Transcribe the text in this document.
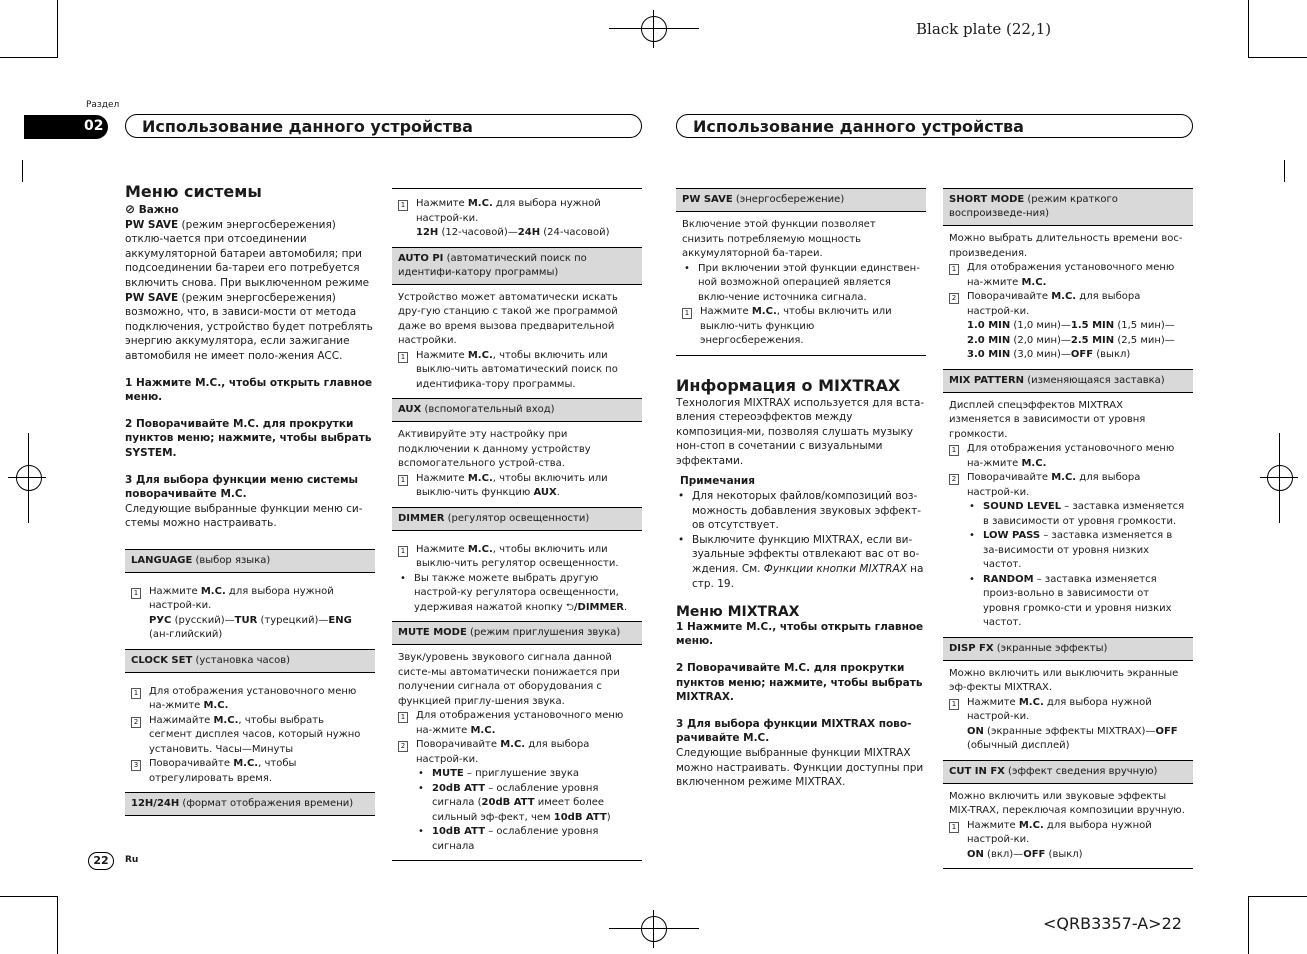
Black plate (22,1)
Раздел
02	Использование данного устройства	Использование данного устройства

Меню системы

⊘ Важно

PW SAVE (режим энергосбережения) отклю-чается при отсоединении аккумуляторной батареи автомобиля; при подсоединении ба-тареи его потребуется включить снова. При выключенном режиме PW SAVE (режим энергосбережения) возможно, что, в зависи-мости от метода подключения, устройство будет потреблять энергию аккумулятора, если зажигание автомобиля не имеет поло-жения ACC.

1 Нажмите M.C., чтобы открыть главное меню.

2 Поворачивайте M.C. для прокрутки пунктов меню; нажмите, чтобы выбрать SYSTEM.

3 Для выбора функции меню системы поворачивайте M.C.

Следующие выбранные функции меню си-стемы можно настраивать.

LANGUAGE (выбор языка)
1 Нажмите M.C. для выбора нужной настрой-ки.
РУС (русский)—TUR (турецкий)—ENG (ан-глийский)
CLOCK SET (установка часов)
1 Для отображения установочного меню на-жмите M.C.
2 Нажимайте M.C., чтобы выбрать сегмент дисплея часов, который нужно установить. Часы—Минуты
3 Поворачивайте M.C., чтобы отрегулировать время.
12H/24H (формат отображения времени)
1 Нажмите M.C. для выбора нужной настрой-ки.
12H (12-часовой)—24H (24-часовой)
AUTO PI (автоматический поиск по идентифи-катору программы)
Устройство может автоматически искать дру-гую станцию с такой же программой даже во время вызова предварительной настройки.
1 Нажмите M.C., чтобы включить или выклю-чить автоматический поиск по идентифика-тору программы.
AUX (вспомогательный вход)
Активируйте эту настройку при подключении к данному устройству вспомогательного устрой-ства.
1 Нажмите M.C., чтобы включить или выклю-чить функцию AUX.
DIMMER (регулятор освещенности)
1 Нажмите M.C., чтобы включить или выклю-чить регулятор освещенности.
• Вы также можете выбрать другую настрой-ку регулятора освещенности, удерживая нажатой кнопку ⮌/DIMMER.
MUTE MODE (режим приглушения звука)
Звук/уровень звукового сигнала данной систе-мы автоматически понижается при получении сигнала от оборудования с функцией приглу-шения звука.
1 Для отображения установочного меню на-жмите M.C.
2 Поворачивайте M.C. для выбора настрой-ки.
• MUTE – приглушение звука
• 20dB ATT – ослабление уровня сигнала (20dB ATT имеет более сильный эф-фект, чем 10dB ATT)
• 10dB ATT – ослабление уровня сигнала
PW SAVE (энергосбережение)
Включение этой функции позволяет снизить потребляемую мощность аккумуляторной ба-тареи.
• При включении этой функции единствен-ной возможной операцией является вклю-чение источника сигнала.
1 Нажмите M.C., чтобы включить или выклю-чить функцию энергосбережения.

Информация о MIXTRAX

Технология MIXTRAX используется для вста-вления стереоэффектов между композиция-ми, позволяя слушать музыку нон-стоп в сочетании с визуальными эффектами.

Примечания

• Для некоторых файлов/композиций воз-можность добавления звуковых эффект-ов отсутствует.
• Выключите функцию MIXTRAX, если ви-зуальные эффекты отвлекают вас от во-ждения. См. Функции кнопки MIXTRAX на стр. 19.

Меню MIXTRAX

1 Нажмите M.C., чтобы открыть главное меню.

2 Поворачивайте M.C. для прокрутки пунктов меню; нажмите, чтобы выбрать MIXTRAX.

3 Для выбора функции MIXTRAX пово-рачивайте M.C.

Следующие выбранные функции MIXTRAX можно настраивать. Функции доступны при включенном режиме MIXTRAX.

SHORT MODE (режим краткого воспроизведе-ния)
Можно выбрать длительность времени вос-произведения.
1 Для отображения установочного меню на-жмите M.C.
2 Поворачивайте M.C. для выбора настрой-ки.
1.0 MIN (1,0 мин)—1.5 MIN (1,5 мин)—
2.0 MIN (2,0 мин)—2.5 MIN (2,5 мин)—
3.0 MIN (3,0 мин)—OFF (выкл)
MIX PATTERN (изменяющаяся заставка)
Дисплей спецэффектов MIXTRAX изменяется в зависимости от уровня громкости.
1 Для отображения установочного меню на-жмите M.C.
2 Поворачивайте M.C. для выбора настрой-ки.
• SOUND LEVEL – заставка изменяется в зависимости от уровня громкости.
• LOW PASS – заставка изменяется в за-висимости от уровня низких частот.
• RANDOM – заставка изменяется произ-вольно в зависимости от уровня громко-сти и уровня низких частот.
DISP FX (экранные эффекты)
Можно включить или выключить экранные эф-фекты MIXTRAX.
1 Нажмите M.C. для выбора нужной настрой-ки.
ON (экранные эффекты MIXTRAX)—OFF (обычный дисплей)
CUT IN FX (эффект сведения вручную)
Можно включить или звуковые эффекты MIX-TRAX, переключая композиции вручную.
1 Нажмите M.C. для выбора нужной настрой-ки.
ON (вкл)—OFF (выкл)
22	Ru
<QRB3357-A>22
